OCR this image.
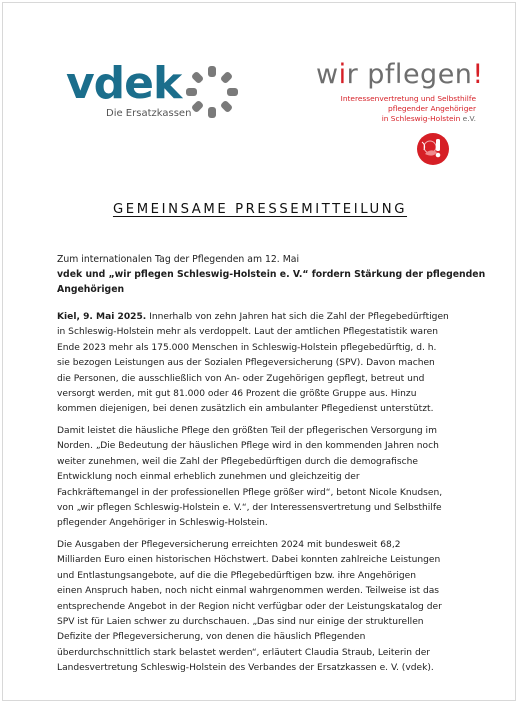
vdek
Die Ersatzkassen
wir pflegen!
Interessenvertretung und Selbsthilfe
pflegender Angehöriger
in Schleswig-Holstein e.V.
GEMEINSAME PRESSEMITTEILUNG
Zum internationalen Tag der Pflegenden am 12. Mai
vdek und „wir pflegen Schleswig-Holstein e. V.“ fordern Stärkung der pflegenden
Angehörigen
Kiel, 9. Mai 2025. Innerhalb von zehn Jahren hat sich die Zahl der Pflegebedürftigen
in Schleswig-Holstein mehr als verdoppelt. Laut der amtlichen Pflegestatistik waren
Ende 2023 mehr als 175.000 Menschen in Schleswig-Holstein pflegebedürftig, d. h.
sie bezogen Leistungen aus der Sozialen Pflegeversicherung (SPV). Davon machen
die Personen, die ausschließlich von An- oder Zugehörigen gepflegt, betreut und
versorgt werden, mit gut 81.000 oder 46 Prozent die größte Gruppe aus. Hinzu
kommen diejenigen, bei denen zusätzlich ein ambulanter Pflegedienst unterstützt.
Damit leistet die häusliche Pflege den größten Teil der pflegerischen Versorgung im
Norden. „Die Bedeutung der häuslichen Pflege wird in den kommenden Jahren noch
weiter zunehmen, weil die Zahl der Pflegebedürftigen durch die demografische
Entwicklung noch einmal erheblich zunehmen und gleichzeitig der
Fachkräftemangel in der professionellen Pflege größer wird“, betont Nicole Knudsen,
von „wir pflegen Schleswig-Holstein e. V.“, der Interessensvertretung und Selbsthilfe
pflegender Angehöriger in Schleswig-Holstein.
Die Ausgaben der Pflegeversicherung erreichten 2024 mit bundesweit 68,2
Milliarden Euro einen historischen Höchstwert. Dabei konnten zahlreiche Leistungen
und Entlastungsangebote, auf die die Pflegebedürftigen bzw. ihre Angehörigen
einen Anspruch haben, noch nicht einmal wahrgenommen werden. Teilweise ist das
entsprechende Angebot in der Region nicht verfügbar oder der Leistungskatalog der
SPV ist für Laien schwer zu durchschauen. „Das sind nur einige der strukturellen
Defizite der Pflegeversicherung, von denen die häuslich Pflegenden
überdurchschnittlich stark belastet werden“, erläutert Claudia Straub, Leiterin der
Landesvertretung Schleswig-Holstein des Verbandes der Ersatzkassen e. V. (vdek).
